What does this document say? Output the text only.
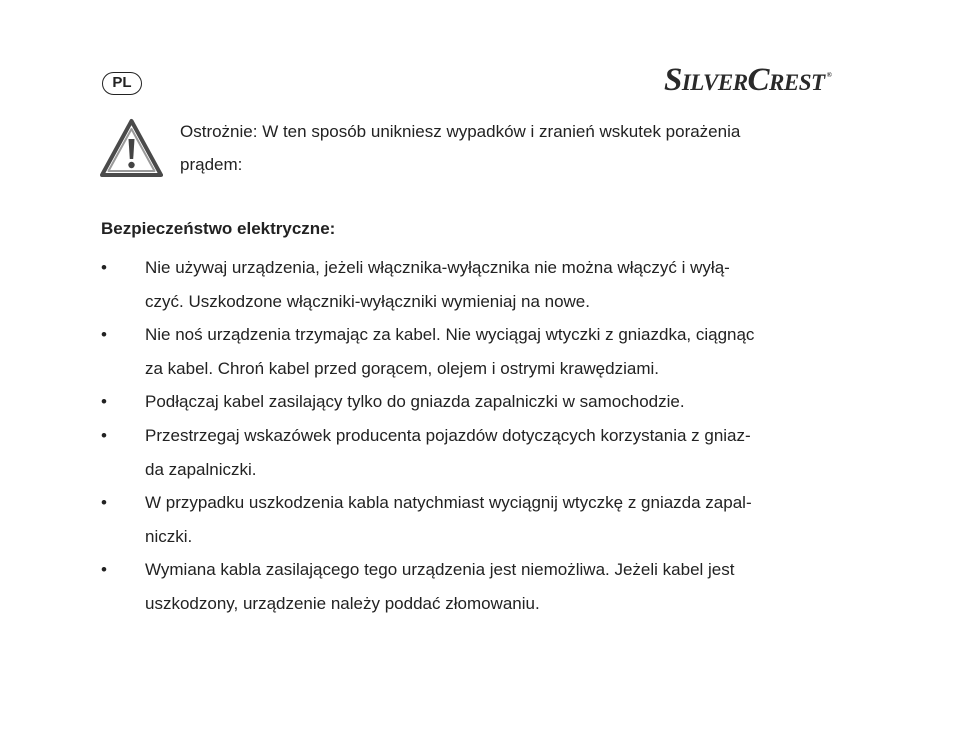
PL	SILVERCREST ®
Ostrożnie: W ten sposób unikniesz wypadków i zranień wskutek porażenia
prądem:
Bezpieczeństwo elektryczne:
• Nie używaj urządzenia, jeżeli włącznika-wyłącznika nie można włączyć i wyłą-
czyć. Uszkodzone włączniki-wyłączniki wymieniaj na nowe.
• Nie noś urządzenia trzymając za kabel. Nie wyciągaj wtyczki z gniazdka, ciągnąc
za kabel. Chroń kabel przed gorącem, olejem i ostrymi krawędziami.
• Podłączaj kabel zasilający tylko do gniazda zapalniczki w samochodzie.
• Przestrzegaj wskazówek producenta pojazdów dotyczących korzystania z gniaz-
da zapalniczki.
• W przypadku uszkodzenia kabla natychmiast wyciągnij wtyczkę z gniazda zapal-
niczki.
• Wymiana kabla zasilającego tego urządzenia jest niemożliwa. Jeżeli kabel jest
uszkodzony, urządzenie należy poddać złomowaniu.
